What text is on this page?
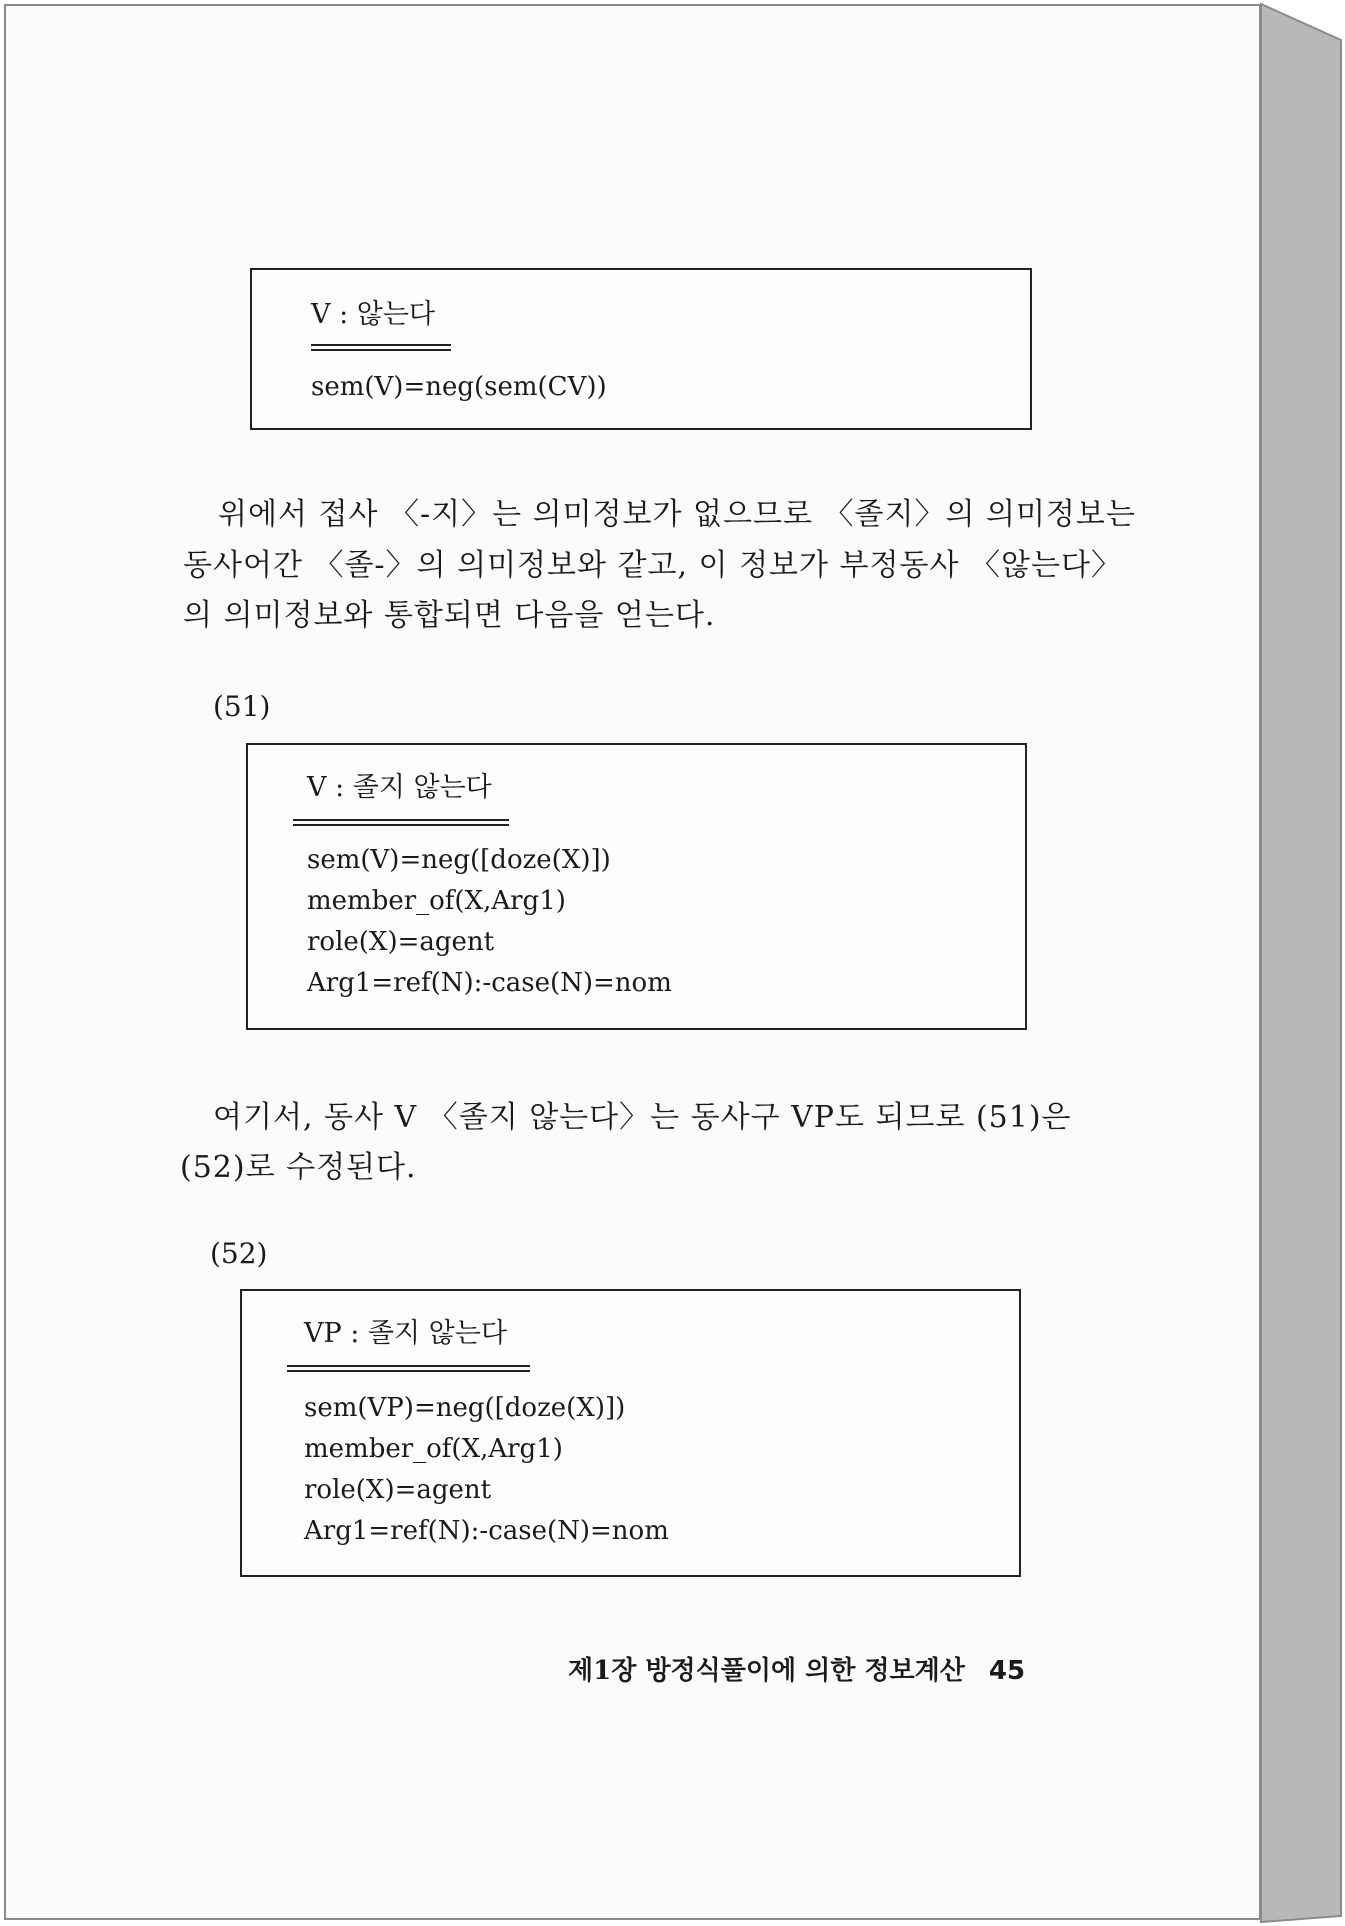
V : 않는다
sem(V)=neg(sem(CV))
위에서 접사 〈-지〉는 의미정보가 없으므로 〈졸지〉의 의미정보는
동사어간 〈졸-〉의 의미정보와 같고, 이 정보가 부정동사 〈않는다〉
의 의미정보와 통합되면 다음을 얻는다.
(51)
V : 졸지 않는다
sem(V)=neg([doze(X)])
member_of(X,Arg1)
role(X)=agent
Arg1=ref(N):-case(N)=nom
여기서, 동사 V 〈졸지 않는다〉는 동사구 VP도 되므로 (51)은
(52)로 수정된다.
(52)
VP : 졸지 않는다
sem(VP)=neg([doze(X)])
member_of(X,Arg1)
role(X)=agent
Arg1=ref(N):-case(N)=nom
제1장 방정식풀이에 의한 정보계산 45
